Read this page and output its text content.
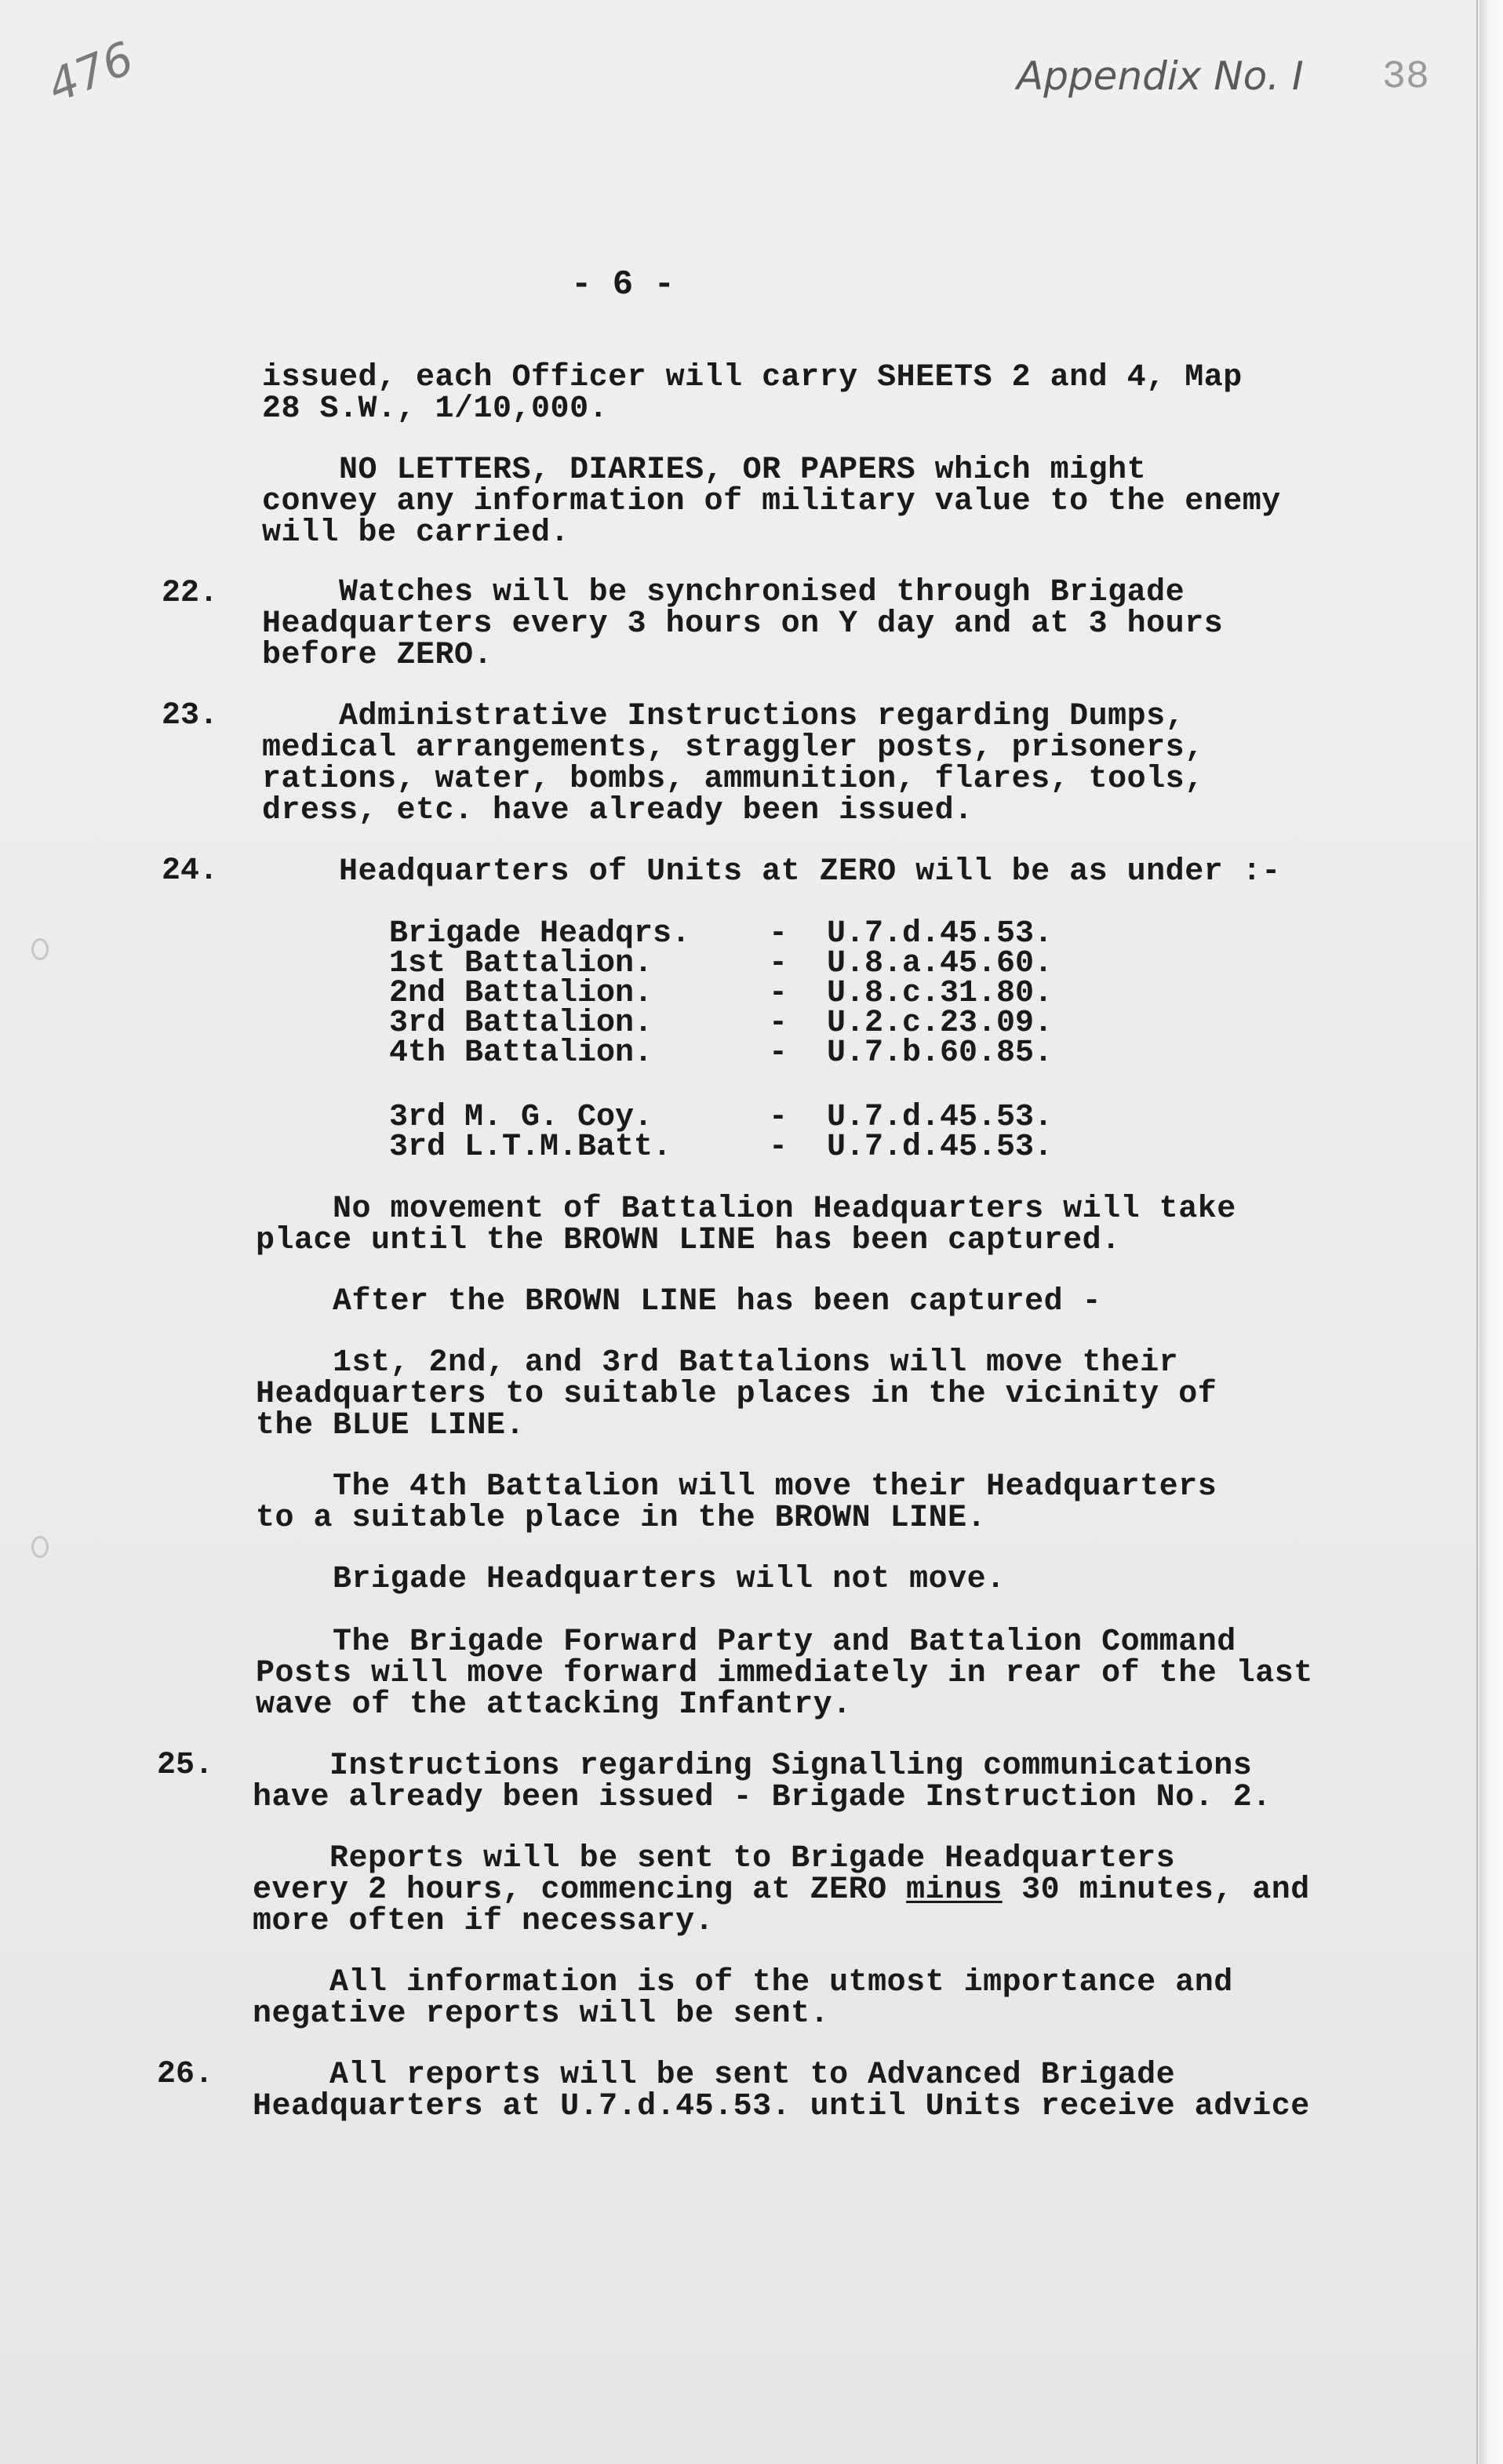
476	Appendix No. I 38
- 6 -
issued, each Officer will carry SHEETS 2 and 4, Map
28 S.W., 1/10,000.
NO LETTERS, DIARIES, OR PAPERS which might
convey any information of military value to the enemy
will be carried.
22. Watches will be synchronised through Brigade
Headquarters every 3 hours on Y day and at 3 hours
before ZERO.
23. Administrative Instructions regarding Dumps,
medical arrangements, straggler posts, prisoners,
rations, water, bombs, ammunition, flares, tools,
dress, etc. have already been issued.
24. Headquarters of Units at ZERO will be as under :-
Brigade Headqrs. - U.7.d.45.53.
1st Battalion.	- U.8.a.45.60.
2nd Battalion.	- U.8.c.31.80.
3rd Battalion.	- U.2.c.23.09.
4th Battalion.	- U.7.b.60.85.
3rd M. G. Coy.	- U.7.d.45.53.
3rd L.T.M.Batt.	- U.7.d.45.53.
No movement of Battalion Headquarters will take
place until the BROWN LINE has been captured.
After the BROWN LINE has been captured -
1st, 2nd, and 3rd Battalions will move their
Headquarters to suitable places in the vicinity of
the BLUE LINE.
The 4th Battalion will move their Headquarters
to a suitable place in the BROWN LINE.
Brigade Headquarters will not move.
The Brigade Forward Party and Battalion Command
Posts will move forward immediately in rear of the last
wave of the attacking Infantry.
25. Instructions regarding Signalling communications
have already been issued - Brigade Instruction No. 2.
Reports will be sent to Brigade Headquarters
every 2 hours, commencing at ZERO minus 30 minutes, and
more often if necessary.
All information is of the utmost importance and
negative reports will be sent.
26. All reports will be sent to Advanced Brigade
Headquarters at U.7.d.45.53. until Units receive advice
